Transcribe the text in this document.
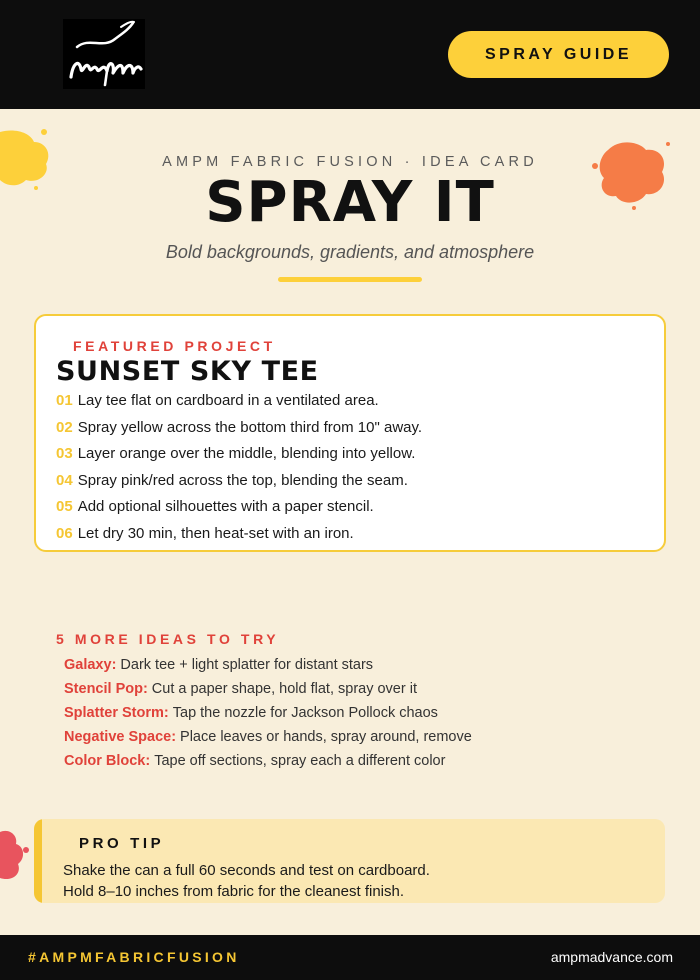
SPRAY GUIDE
AMPM FABRIC FUSION · IDEA CARD
SPRAY IT
Bold backgrounds, gradients, and atmosphere
FEATURED PROJECT
SUNSET SKY TEE
01 Lay tee flat on cardboard in a ventilated area.
02 Spray yellow across the bottom third from 10" away.
03 Layer orange over the middle, blending into yellow.
04 Spray pink/red across the top, blending the seam.
05 Add optional silhouettes with a paper stencil.
06 Let dry 30 min, then heat-set with an iron.
5 MORE IDEAS TO TRY
Galaxy: Dark tee + light splatter for distant stars
Stencil Pop: Cut a paper shape, hold flat, spray over it
Splatter Storm: Tap the nozzle for Jackson Pollock chaos
Negative Space: Place leaves or hands, spray around, remove
Color Block: Tape off sections, spray each a different color
PRO TIP
Shake the can a full 60 seconds and test on cardboard.
Hold 8–10 inches from fabric for the cleanest finish.
#AMPMFABRICFUSION	ampmadvance.com
